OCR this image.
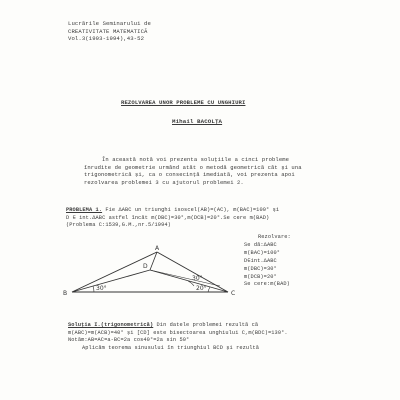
Lucrările Seminarului de
CREATIVITATE MATEMATICĂ
Vol.3(1993-1994),43-52
REZOLVAREA UNOR PROBLEME CU UNGHIURI
Mihail BACOLȚA
În această notă voi prezenta soluțiile a cinci probleme
înrudite de geometrie urmând atât o metodă geometrică cât și una
trigonometrică și, ca o consecință imediată, voi prezenta apoi
rezolvarea problemei 3 cu ajutorul problemei 2.
PROBLEMA 1. Fie ΔABC un triunghi isoscel(AB)=(AC), m(BAC)=100° și
D ∈ int.ΔABC astfel încât m(DBC)=30°,m(DCB)=20°.Se cere m(BAD)
(Problema C:1539,G.M.,nr.5/1994)
Rezolvare:
Se dă:ΔABC
m(BAC)=100°
D∈int.ΔABC
m(DBC)=30°
m(DCB)=20°
Se cere:m(BAD)
B
A
C
D
30°	20°
30°
Soluția I.(trigonometrică) Din datele problemei rezultă că
m(ABC)=m(ACB)=40° și [CD] este bisectoarea unghiului C,m(BDC)=130°.
Notăm:AB=AC=a-BC=2a cos40°=2a sin 50°
Aplicăm teorema sinusului în triunghiul BCD și rezultă
